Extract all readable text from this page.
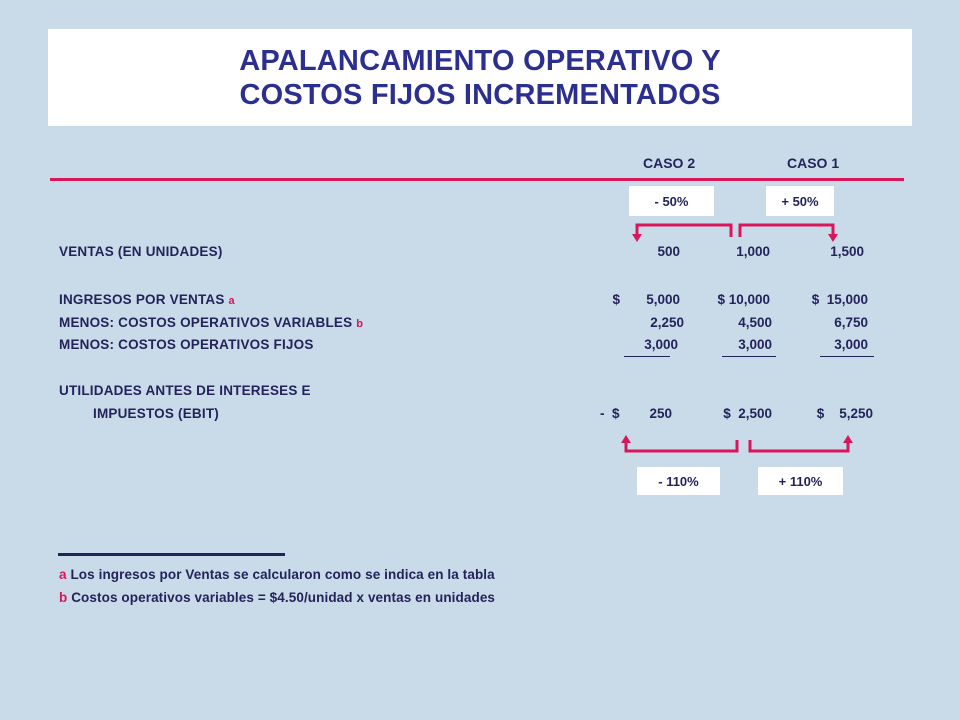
APALANCAMIENTO OPERATIVO Y
COSTOS FIJOS INCREMENTADOS
CASO 2	CASO 1
- 50%	+ 50%
VENTAS (EN UNIDADES)	500	1,000	1,500
INGRESOS POR VENTAS a	$       5,000	$ 10,000	$  15,000
MENOS: COSTOS OPERATIVOS VARIABLES b	2,250	4,500	6,750
MENOS: COSTOS OPERATIVOS FIJOS	3,000	3,000	3,000
UTILIDADES ANTES DE INTERESES E
IMPUESTOS (EBIT)	-  $        250	$  2,500	$    5,250
- 110%	+ 110%
a Los ingresos por Ventas se calcularon como se indica en la tabla
b Costos operativos variables = $4.50/unidad x ventas en unidades
